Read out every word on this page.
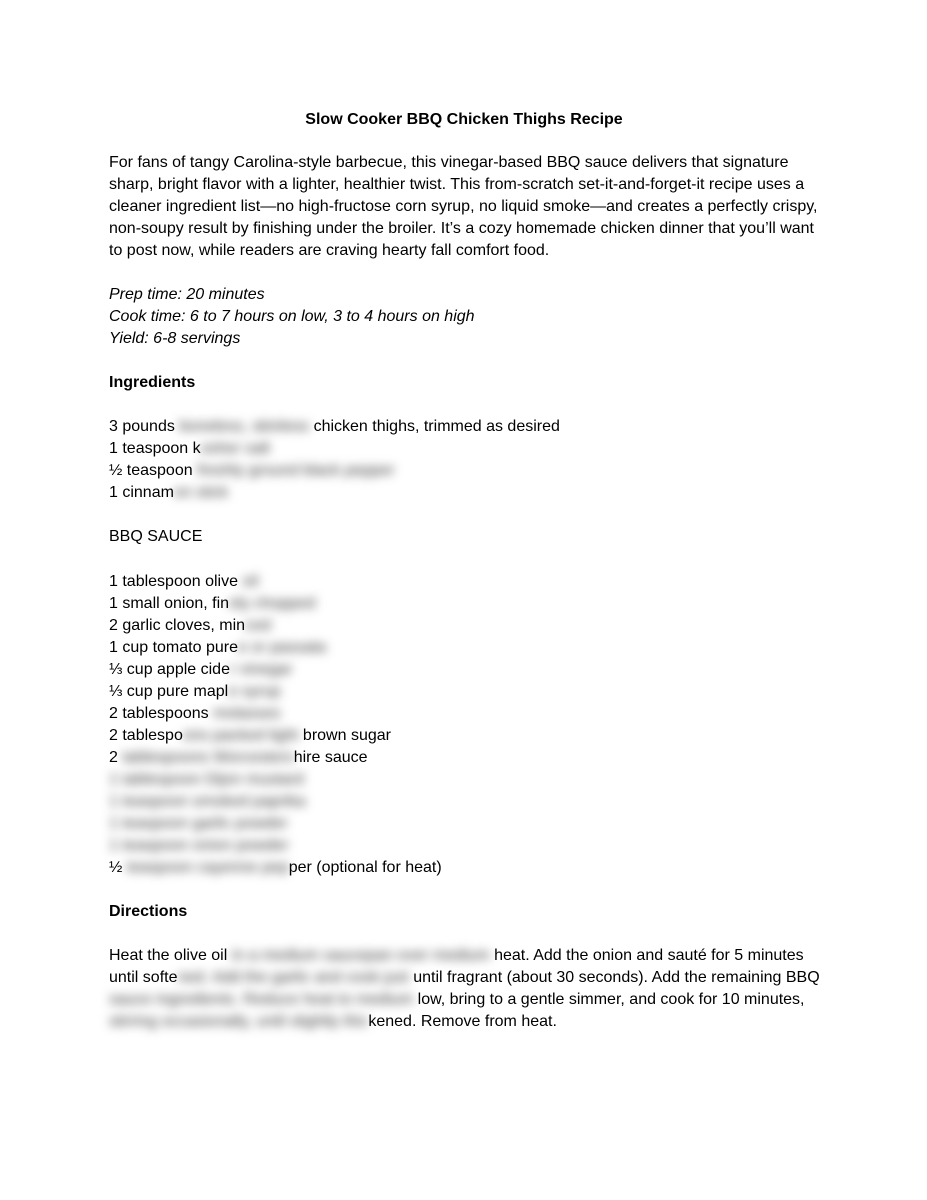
Slow Cooker BBQ Chicken Thighs Recipe

For fans of tangy Carolina-style barbecue, this vinegar-based BBQ sauce delivers that signature sharp, bright flavor with a lighter, healthier twist. This from-scratch set-it-and-forget-it recipe uses a cleaner ingredient list—no high-fructose corn syrup, no liquid smoke—and creates a perfectly crispy, non-soupy result by finishing under the broiler. It’s a cozy homemade chicken dinner that you’ll want to post now, while readers are craving hearty fall comfort food.

Prep time: 20 minutes
Cook time: 6 to 7 hours on low, 3 to 4 hours on high
Yield: 6-8 servings
Ingredients
3 pounds boneless, skinless chicken thighs, trimmed as desired
1 teaspoon kosher salt
½ teaspoon freshly ground black pepper
1 cinnamon stick
BBQ SAUCE
1 tablespoon olive oil
1 small onion, finely chopped
2 garlic cloves, minced
1 cup tomato puree or passata
⅓ cup apple cider vinegar
⅓ cup pure maple syrup
2 tablespoons molasses
2 tablespoons packed light brown sugar
2 tablespoons Worcestershire sauce
1 tablespoon Dijon mustard
1 teaspoon smoked paprika
1 teaspoon garlic powder
1 teaspoon onion powder
½ teaspoon cayenne pepper (optional for heat)
Directions

Heat the olive oil in a medium saucepan over medium heat. Add the onion and sauté for 5 minutes until softened. Add the garlic and cook just until fragrant (about 30 seconds). Add the remaining BBQ sauce ingredients. Reduce heat to medium low, bring to a gentle simmer, and cook for 10 minutes, stirring occasionally, until slightly thickened. Remove from heat.
